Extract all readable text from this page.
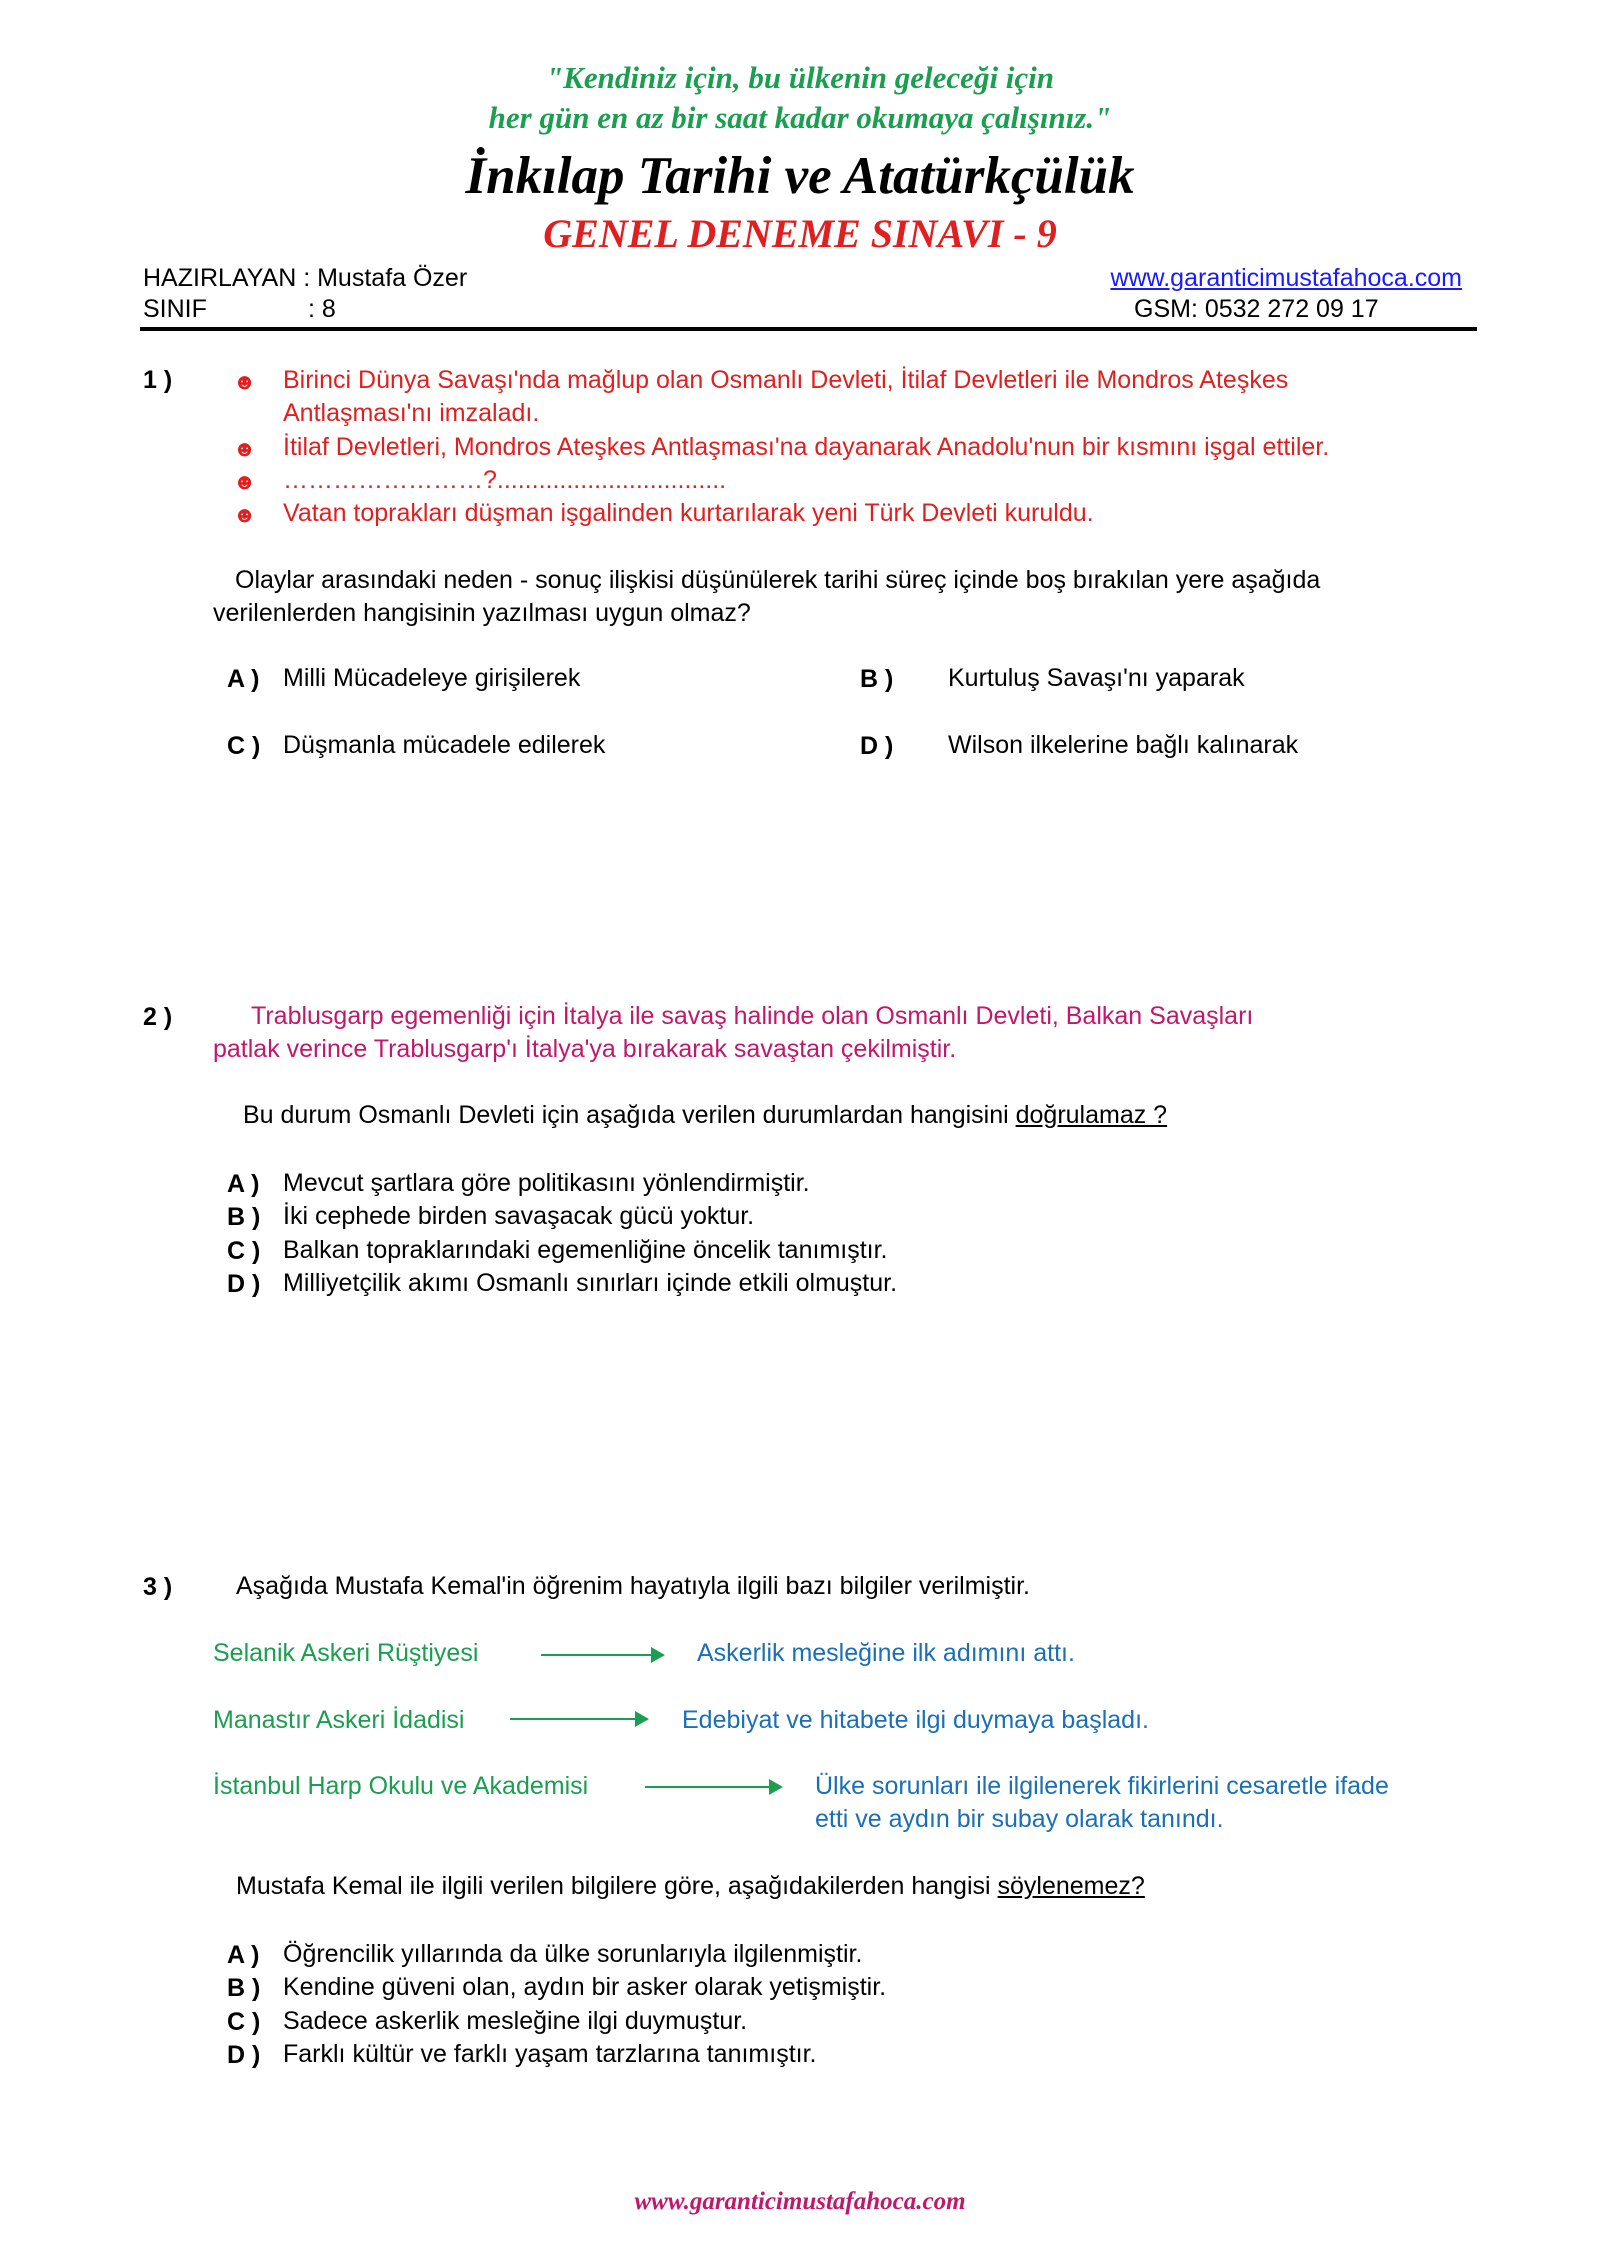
"Kendiniz için, bu ülkenin geleceği için
her gün en az bir saat kadar okumaya çalışınız."
İnkılap Tarihi ve Atatürkçülük
GENEL DENEME SINAVI - 9
HAZIRLAYAN : Mustafa Özer
SINIF	: 8
www.garanticimustafahoca.com
GSM: 0532 272 09 17
1 )	☻ Birinci Dünya Savaşı'nda mağlup olan Osmanlı Devleti, İtilaf Devletleri ile Mondros Ateşkes
Antlaşması'nı imzaladı.
☻ İtilaf Devletleri, Mondros Ateşkes Antlaşması'na dayanarak Anadolu'nun bir kısmını işgal ettiler.
☻ ……………………?.................................
☻ Vatan toprakları düşman işgalinden kurtarılarak yeni Türk Devleti kuruldu.
Olaylar arasındaki neden - sonuç ilişkisi düşünülerek tarihi süreç içinde boş bırakılan yere aşağıda
verilenlerden hangisinin yazılması uygun olmaz?
A ) Milli Mücadeleye girişilerek	B ) Kurtuluş Savaşı'nı yaparak
C ) Düşmanla mücadele edilerek	D ) Wilson ilkelerine bağlı kalınarak
2 )	Trablusgarp egemenliği için İtalya ile savaş halinde olan Osmanlı Devleti, Balkan Savaşları
patlak verince Trablusgarp'ı İtalya'ya bırakarak savaştan çekilmiştir.
Bu durum Osmanlı Devleti için aşağıda verilen durumlardan hangisini doğrulamaz ?
A ) Mevcut şartlara göre politikasını yönlendirmiştir.
B ) İki cephede birden savaşacak gücü yoktur.
C ) Balkan topraklarındaki egemenliğine öncelik tanımıştır.
D ) Milliyetçilik akımı Osmanlı sınırları içinde etkili olmuştur.
3 )	Aşağıda Mustafa Kemal'in öğrenim hayatıyla ilgili bazı bilgiler verilmiştir.
Selanik Askeri Rüştiyesi	Askerlik mesleğine ilk adımını attı.
Manastır Askeri İdadisi	Edebiyat ve hitabete ilgi duymaya başladı.
İstanbul Harp Okulu ve Akademisi	Ülke sorunları ile ilgilenerek fikirlerini cesaretle ifade
etti ve aydın bir subay olarak tanındı.
Mustafa Kemal ile ilgili verilen bilgilere göre, aşağıdakilerden hangisi söylenemez?
A ) Öğrencilik yıllarında da ülke sorunlarıyla ilgilenmiştir.
B ) Kendine güveni olan, aydın bir asker olarak yetişmiştir.
C ) Sadece askerlik mesleğine ilgi duymuştur.
D ) Farklı kültür ve farklı yaşam tarzlarına tanımıştır.
www.garanticimustafahoca.com
